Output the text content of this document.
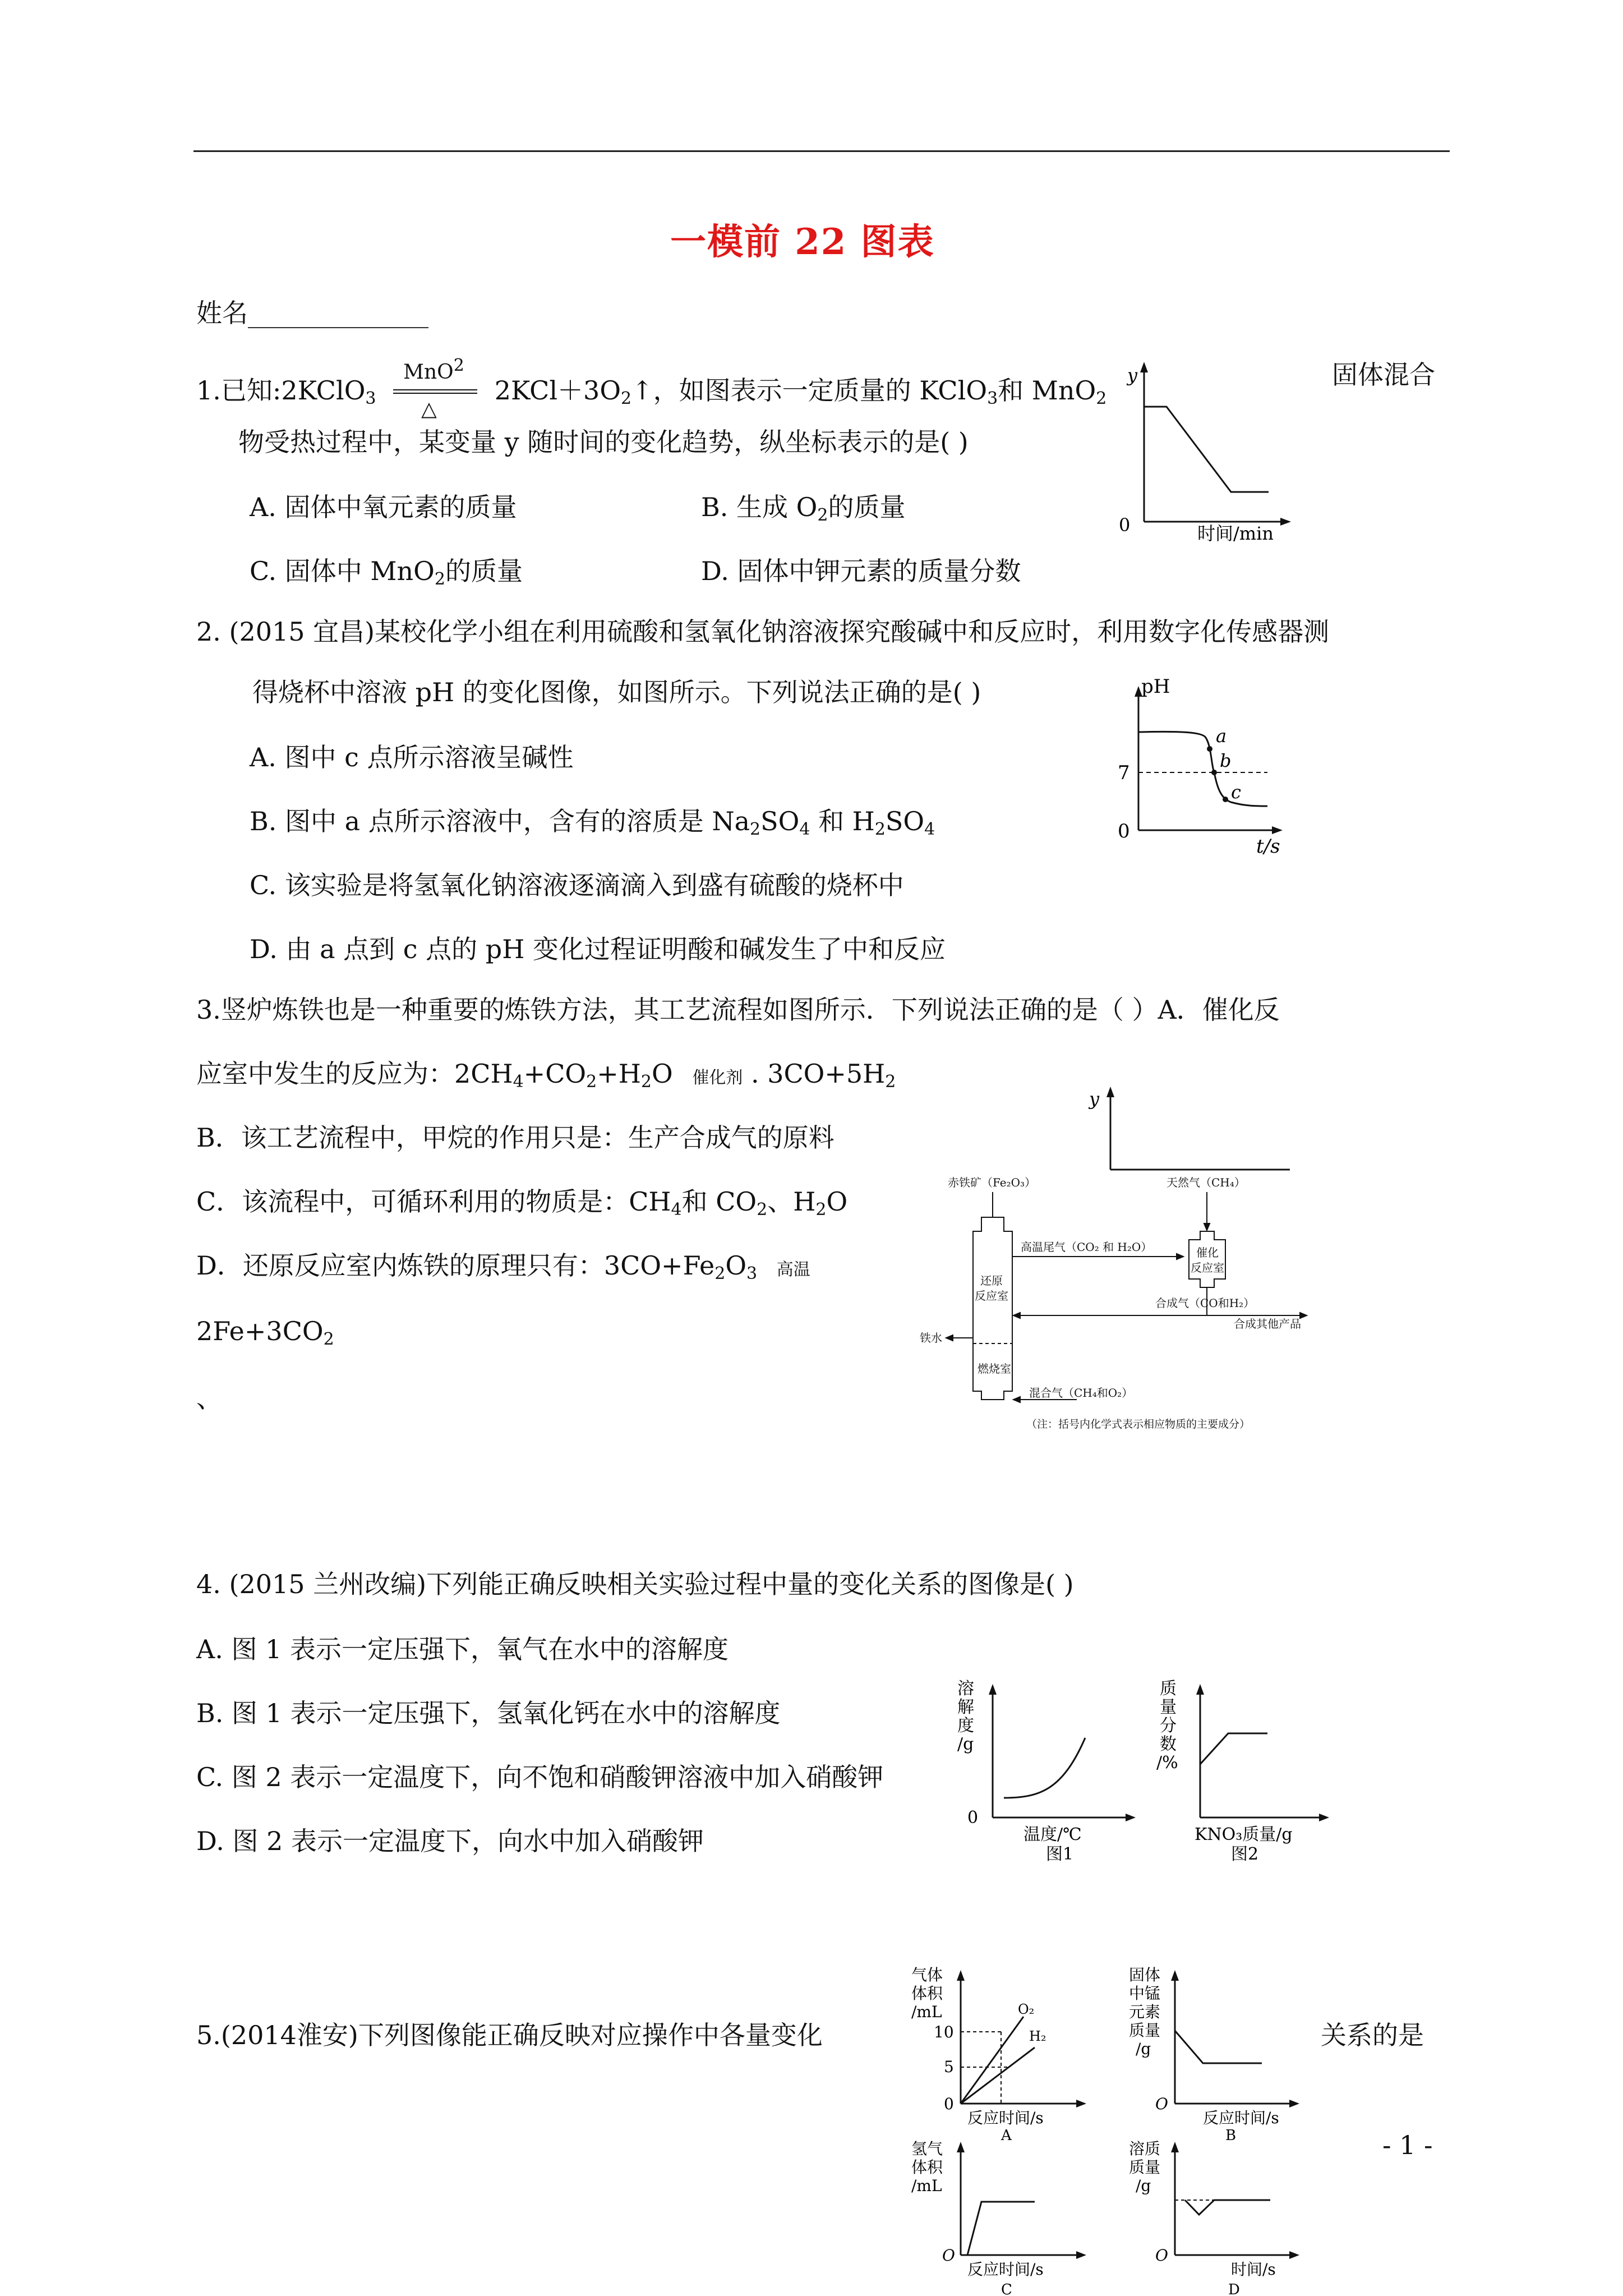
一模前 22 图表
姓名______________
1.已知:2KClO$_3$
MnO$^2$
△
$2KCl+3O_2↑$，如图表示一定质量的 KClO$_3$和 MnO$_2$
固体混合
物受热过程中，某变量 y 随时间的变化趋势，纵坐标表示的是( )
A. 固体中氧元素的质量	B. 生成 $O_2$的质量
C. 固体中 MnO$_2$的质量	D. 固体中钾元素的质量分数
y
0	时间/min
2. (2015 宜昌)某校化学小组在利用硫酸和氢氧化钠溶液探究酸碱中和反应时，利用数字化传感器测
得烧杯中溶液 pH 的变化图像，如图所示。下列说法正确的是( )
A. 图中 c 点所示溶液呈碱性
B. 图中 a 点所示溶液中，含有的溶质是 $Na_2SO_4$ 和 $H_2SO_4$
C. 该实验是将氢氧化钠溶液逐滴滴入到盛有硫酸的烧杯中
D. 由 a 点到 c 点的 pH 变化过程证明酸和碱发生了中和反应
pH
7
0
t/s
a
b
c
3.竖炉炼铁也是一种重要的炼铁方法，其工艺流程如图所示．下列说法正确的是（ ）A．催化反
应室中发生的反应为：$2CH_4+CO_2+H_2O$ 催化剂 . $3CO+5H_2$
B．该工艺流程中，甲烷的作用只是：生产合成气的原料
C．该流程中，可循环利用的物质是：$CH_4$和 $CO_2$、$H_2O$
D．还原反应室内炼铁的原理只有：$3CO+Fe_2O_3$ 高温
$2Fe+3CO_2$
、
y
赤铁矿（Fe₂O₃）	天然气（CH₄）
高温尾气（CO₂ 和 H₂O）	催化
反应室
还原
反应室
合成气（CO和H₂）
合成其他产品
铁水
燃烧室
混合气（CH₄和O₂）
（注：括号内化学式表示相应物质的主要成分）
4. (2015 兰州改编)下列能正确反映相关实验过程中量的变化关系的图像是( )
A. 图 1 表示一定压强下，氧气在水中的溶解度
B. 图 1 表示一定压强下，氢氧化钙在水中的溶解度
C. 图 2 表示一定温度下，向不饱和硝酸钾溶液中加入硝酸钾
D. 图 2 表示一定温度下，向水中加入硝酸钾
溶
解
度
/g
0
温度/℃
图1
质
量
分
数
/%
KNO₃质量/g
图2
5.(2014淮安)下列图像能正确反映对应操作中各量变化	关系的是
- 1 -
气体
体积
/mL
10
5
0
O₂
H₂
反应时间/s
A
固体
中锰
元素
质量
/g
O
反应时间/s
B
氢气
体积
/mL
O
反应时间/s
C
溶质
质量
/g
O
时间/s
D
